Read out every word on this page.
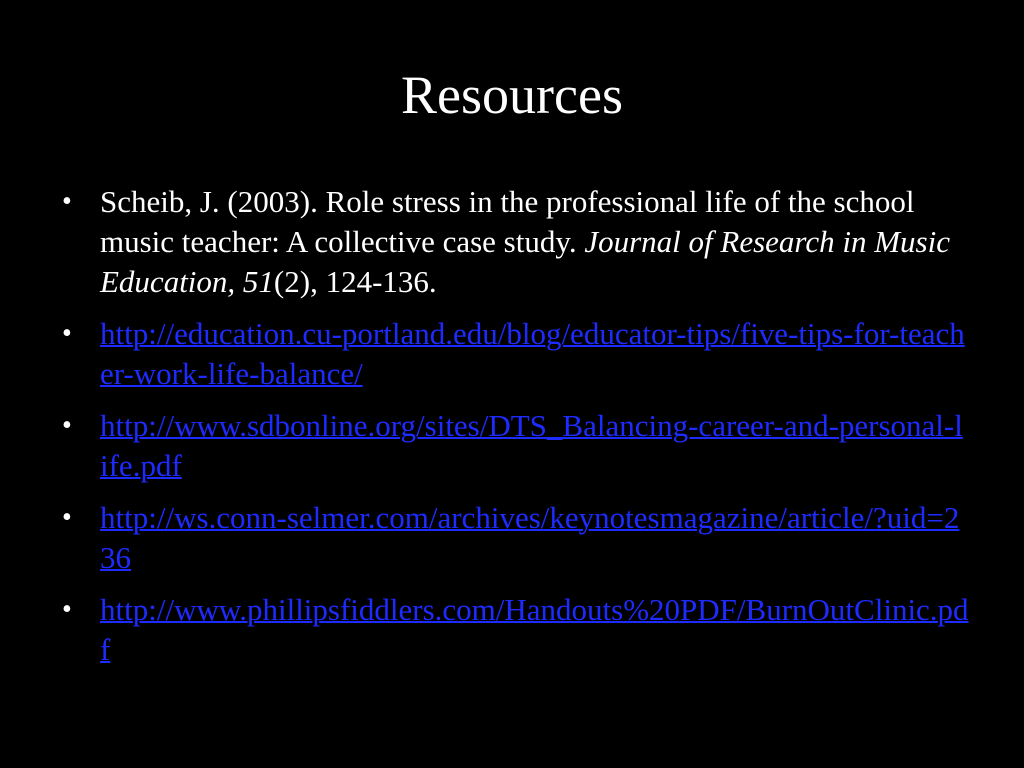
Resources
• Scheib, J. (2003). Role stress in the professional life of the school music teacher: A collective case study. Journal of Research in Music Education, 51(2), 124-136.
• http://education.cu-portland.edu/blog/educator-tips/five-tips-for-teacher-work-life-balance/
• http://www.sdbonline.org/sites/DTS_Balancing-career-and-personal-life.pdf
• http://ws.conn-selmer.com/archives/keynotesmagazine/article/?uid=236
• http://www.phillipsfiddlers.com/Handouts%20PDF/BurnOutClinic.pdf
